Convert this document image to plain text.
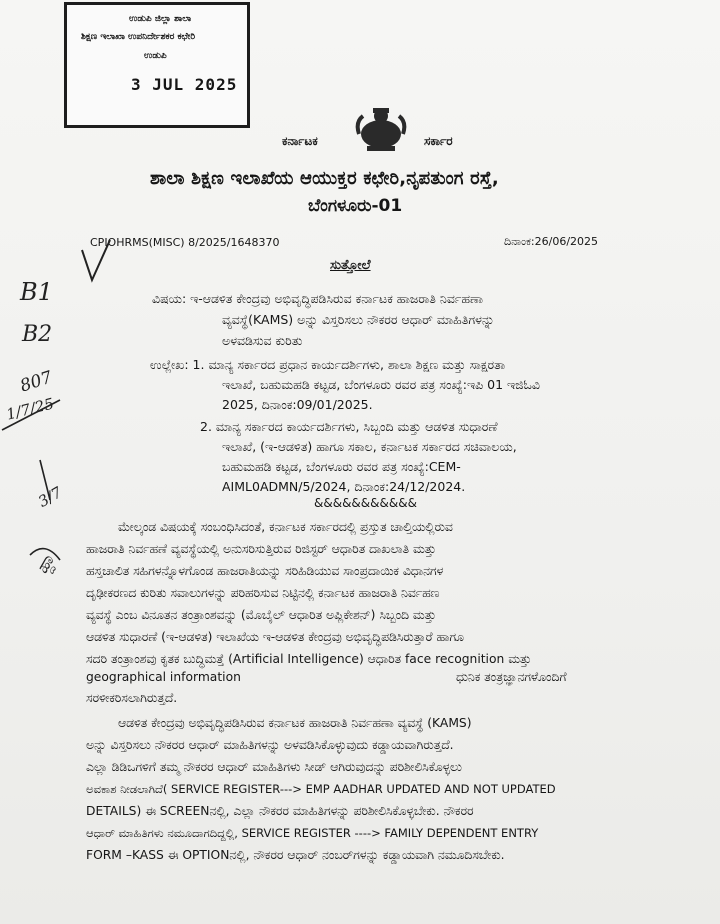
ಉಡುಪಿ ಜಿಲ್ಲಾ ಶಾಲಾ
ಶಿಕ್ಷಣ ಇಲಾಖಾ ಉಪನಿರ್ದೇಶಕರ ಕಛೇರಿ
ಉಡುಪಿ
3 JUL 2025
ಕರ್ನಾಟಕ	ಸರ್ಕಾರ
ಶಾಲಾ ಶಿಕ್ಷಣ ಇಲಾಖೆಯ ಆಯುಕ್ತರ ಕಛೇರಿ,ನೃಪತುಂಗ ರಸ್ತೆ,
ಬೆಂಗಳೂರು-01
CPIOHRMS(MISC) 8/2025/1648370	ದಿನಾಂಕ:26/06/2025
ಸುತ್ತೋಲೆ
ವಿಷಯ: ಇ-ಆಡಳಿತ ಕೇಂದ್ರವು ಅಭಿವೃದ್ಧಿಪಡಿಸಿರುವ ಕರ್ನಾಟಕ ಹಾಜರಾತಿ ನಿರ್ವಹಣಾ
ವ್ಯವಸ್ಥೆ(KAMS) ಅನ್ನು ವಿಸ್ತರಿಸಲು ನೌಕರರ ಆಧಾರ್ ಮಾಹಿತಿಗಳನ್ನು
ಅಳವಡಿಸುವ ಕುರಿತು
ಉಲ್ಲೇಖ: 1. ಮಾನ್ಯ ಸರ್ಕಾರದ ಪ್ರಧಾನ ಕಾರ್ಯದರ್ಶಿಗಳು, ಶಾಲಾ ಶಿಕ್ಷಣ ಮತ್ತು ಸಾಕ್ಷರತಾ
ಇಲಾಖೆ, ಬಹುಮಹಡಿ ಕಟ್ಟಡ, ಬೆಂಗಳೂರು ರವರ ಪತ್ರ ಸಂಖ್ಯೆ:ಇಪಿ 01 ಇಜಿಓವಿ
2025, ದಿನಾಂಕ:09/01/2025.
2. ಮಾನ್ಯ ಸರ್ಕಾರದ ಕಾರ್ಯದರ್ಶಿಗಳು, ಸಿಬ್ಬಂದಿ ಮತ್ತು ಆಡಳಿತ ಸುಧಾರಣೆ
ಇಲಾಖೆ, (ಇ-ಆಡಳಿತ) ಹಾಗೂ ಸಕಾಲ, ಕರ್ನಾಟಕ ಸರ್ಕಾರದ ಸಚಿವಾಲಯ,
ಬಹುಮಹಡಿ ಕಟ್ಟಡ, ಬೆಂಗಳೂರು ರವರ ಪತ್ರ ಸಂಖ್ಯೆ:CEM-
AIML0ADMN/5/2024, ದಿನಾಂಕ:24/12/2024.
&&&&&&&&&&&
ಮೇಲ್ಕಂಡ ವಿಷಯಕ್ಕೆ ಸಂಬಂಧಿಸಿದಂತೆ, ಕರ್ನಾಟಕ ಸರ್ಕಾರದಲ್ಲಿ ಪ್ರಸ್ತುತ ಚಾಲ್ತಿಯಲ್ಲಿರುವ
ಹಾಜರಾತಿ ನಿರ್ವಹಣೆ ವ್ಯವಸ್ಥೆಯಲ್ಲಿ ಅನುಸರಿಸುತ್ತಿರುವ ರಿಜಿಸ್ಟರ್ ಆಧಾರಿತ ದಾಖಲಾತಿ ಮತ್ತು
ಹಸ್ತಚಾಲಿತ ಸಹಿಗಳನ್ನೊಳಗೊಂಡ ಹಾಜರಾತಿಯನ್ನು ಸರಿಹಿಡಿಯುವ ಸಾಂಪ್ರದಾಯಿಕ ವಿಧಾನಗಳ
ದೃಢೀಕರಣದ ಕುರಿತು ಸವಾಲುಗಳನ್ನು ಪರಿಹರಿಸುವ ನಿಟ್ಟಿನಲ್ಲಿ ಕರ್ನಾಟಕ ಹಾಜರಾತಿ ನಿರ್ವಹಣ
ವ್ಯವಸ್ಥೆ ಎಂಬ ವಿನೂತನ ತಂತ್ರಾಂಶವನ್ನು (ಮೊಬೈಲ್ ಆಧಾರಿತ ಅಪ್ಲಿಕೇಶನ್) ಸಿಬ್ಬಂದಿ ಮತ್ತು
ಆಡಳಿತ ಸುಧಾರಣೆ (ಇ-ಆಡಳಿತ) ಇಲಾಖೆಯ ಇ-ಆಡಳಿತ ಕೇಂದ್ರವು ಅಭಿವೃದ್ಧಿಪಡಿಸಿರುತ್ತಾರೆ ಹಾಗೂ
ಸದರಿ ತಂತ್ರಾಂಶವು ಕೃತಕ ಬುದ್ಧಿಮತ್ತೆ (Artificial Intelligence) ಆಧಾರಿತ face recognition ಮತ್ತು
geographical information	ಧುನಿಕ ತಂತ್ರಜ್ಞಾನಗಳೊಂದಿಗೆ
ಸರಳೀಕರಿಸಲಾಗಿರುತ್ತದೆ.
ಆಡಳಿತ ಕೇಂದ್ರವು ಅಭಿವೃದ್ಧಿಪಡಿಸಿರುವ ಕರ್ನಾಟಕ ಹಾಜರಾತಿ ನಿರ್ವಹಣಾ ವ್ಯವಸ್ಥೆ (KAMS)
ಅನ್ನು ವಿಸ್ತರಿಸಲು ನೌಕರರ ಆಧಾರ್ ಮಾಹಿತಿಗಳನ್ನು ಅಳವಡಿಸಿಕೊಳ್ಳುವುದು ಕಡ್ಡಾಯವಾಗಿರುತ್ತದೆ.
ಎಲ್ಲಾ ಡಿಡಿಒಗಳಿಗೆ ತಮ್ಮ ನೌಕರರ ಆಧಾರ್ ಮಾಹಿತಿಗಳು ಸೀಡ್ ಆಗಿರುವುದನ್ನು ಪರಿಶೀಲಿಸಿಕೊಳ್ಳಲು
ಅವಕಾಶ ನೀಡಲಾಗಿದೆ( SERVICE REGISTER---> EMP AADHAR UPDATED AND NOT UPDATED
DETAILS) ಈ SCREENನಲ್ಲಿ, ಎಲ್ಲಾ ನೌಕರರ ಮಾಹಿತಿಗಳನ್ನು ಪರಿಶೀಲಿಸಿಕೊಳ್ಳಬೇಕು. ನೌಕರರ
ಆಧಾರ್ ಮಾಹಿತಿಗಳು ನಮೂದಾಗದಿದ್ದಲ್ಲಿ, SERVICE REGISTER ----> FAMILY DEPENDENT ENTRY
FORM –KASS ಈ OPTIONನಲ್ಲಿ, ನೌಕರರ ಆಧಾರ್ ನಂಬರ್‌ಗಳನ್ನು ಕಡ್ಡಾಯವಾಗಿ ನಮೂದಿಸಬೇಕು.
B1
B2
807
1/7/25
3/7
ಹ್ದಾ
